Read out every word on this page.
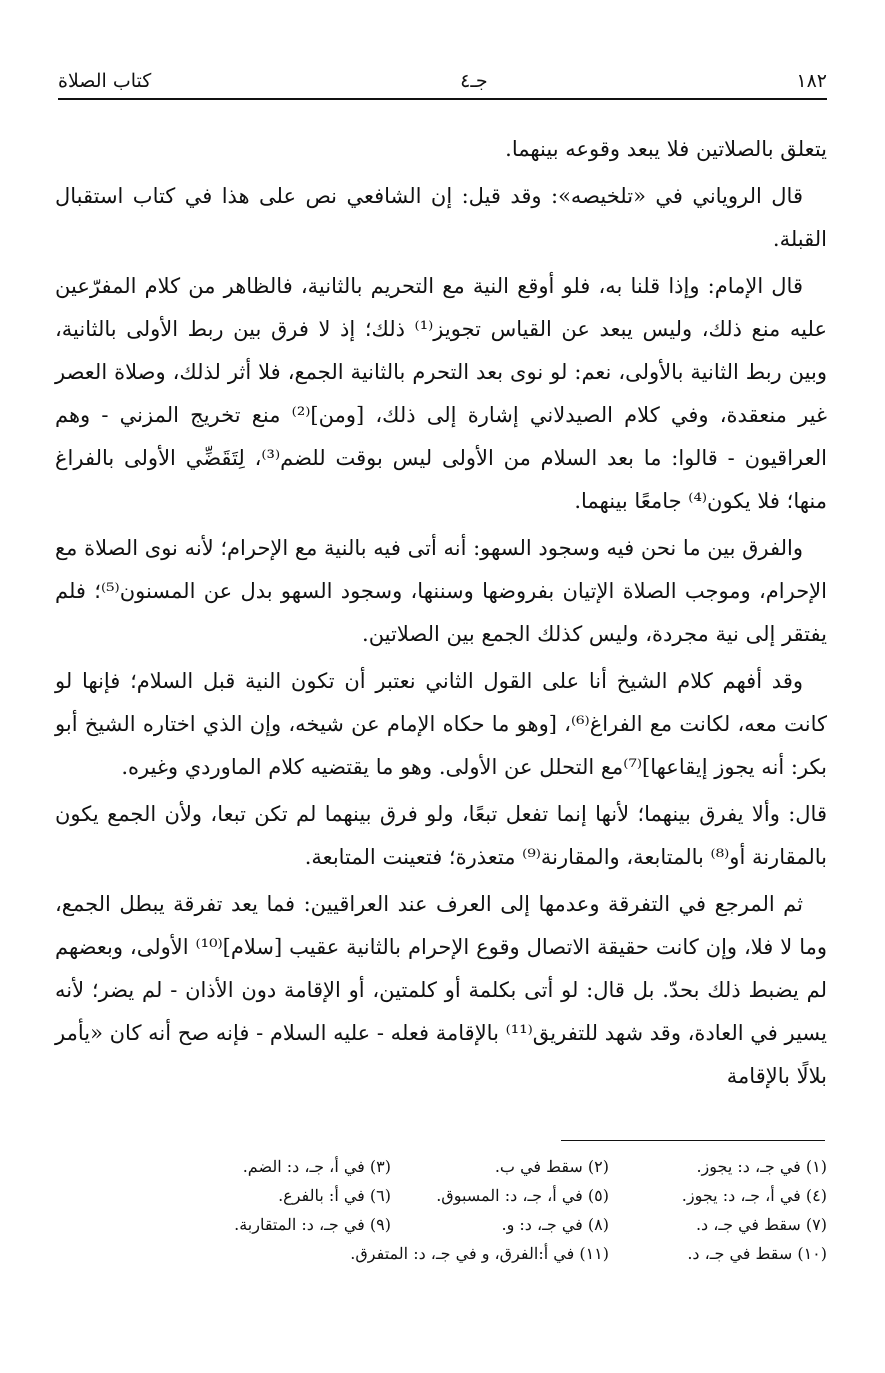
١٨٢
جـ٤
كتاب الصلاة

يتعلق بالصلاتين فلا يبعد وقوعه بينهما.

قال الروياني في «تلخيصه»: وقد قيل: إن الشافعي نص على هذا في كتاب استقبال القبلة.

قال الإمام: وإذا قلنا به، فلو أوقع النية مع التحريم بالثانية، فالظاهر من كلام المفرّعين عليه منع ذلك، وليس يبعد عن القياس تجويز⁽¹⁾ ذلك؛ إذ لا فرق بين ربط الأولى بالثانية، وبين ربط الثانية بالأولى، نعم: لو نوى بعد التحرم بالثانية الجمع، فلا أثر لذلك، وصلاة العصر غير منعقدة، وفي كلام الصيدلاني إشارة إلى ذلك، [ومن]⁽²⁾ منع تخريج المزني - وهم العراقيون - قالوا: ما بعد السلام من الأولى ليس بوقت للضم⁽³⁾، لِتَقَضِّي الأولى بالفراغ منها؛ فلا يكون⁽⁴⁾ جامعًا بينهما.

والفرق بين ما نحن فيه وسجود السهو: أنه أتى فيه بالنية مع الإحرام؛ لأنه نوى الصلاة مع الإحرام، وموجب الصلاة الإتيان بفروضها وسننها، وسجود السهو بدل عن المسنون⁽⁵⁾؛ فلم يفتقر إلى نية مجردة، وليس كذلك الجمع بين الصلاتين.

وقد أفهم كلام الشيخ أنا على القول الثاني نعتبر أن تكون النية قبل السلام؛ فإنها لو كانت معه، لكانت مع الفراغ⁽⁶⁾، [وهو ما حكاه الإمام عن شيخه، وإن الذي اختاره الشيخ أبو بكر: أنه يجوز إيقاعها]⁽⁷⁾مع التحلل عن الأولى. وهو ما يقتضيه كلام الماوردي وغيره.

قال: وألا يفرق بينهما؛ لأنها إنما تفعل تبعًا، ولو فرق بينهما لم تكن تبعا، ولأن الجمع يكون بالمقارنة أو⁽⁸⁾ بالمتابعة، والمقارنة⁽⁹⁾ متعذرة؛ فتعينت المتابعة.

ثم المرجع في التفرقة وعدمها إلى العرف عند العراقيين: فما يعد تفرقة يبطل الجمع، وما لا فلا، وإن كانت حقيقة الاتصال وقوع الإحرام بالثانية عقيب [سلام]⁽¹⁰⁾ الأولى، وبعضهم لم يضبط ذلك بحدّ. بل قال: لو أتى بكلمة أو كلمتين، أو الإقامة دون الأذان - لم يضر؛ لأنه يسير في العادة، وقد شهد للتفريق⁽¹¹⁾ بالإقامة فعله - عليه السلام - فإنه صح أنه كان «يأمر بلالًا بالإقامة

(١) في جـ، د: يجوز.
(٢) سقط في ب.
(٣) في أ، جـ، د: الضم.
(٤) في أ، جـ، د: يجوز.
(٥) في أ، جـ، د: المسبوق.
(٦) في أ: بالفرع.
(٧) سقط في جـ، د.
(٨) في جـ، د: و.
(٩) في جـ، د: المتقاربة.
(١٠) سقط في جـ، د.
(١١) في أ:الفرق، و في جـ، د: المتفرق.
